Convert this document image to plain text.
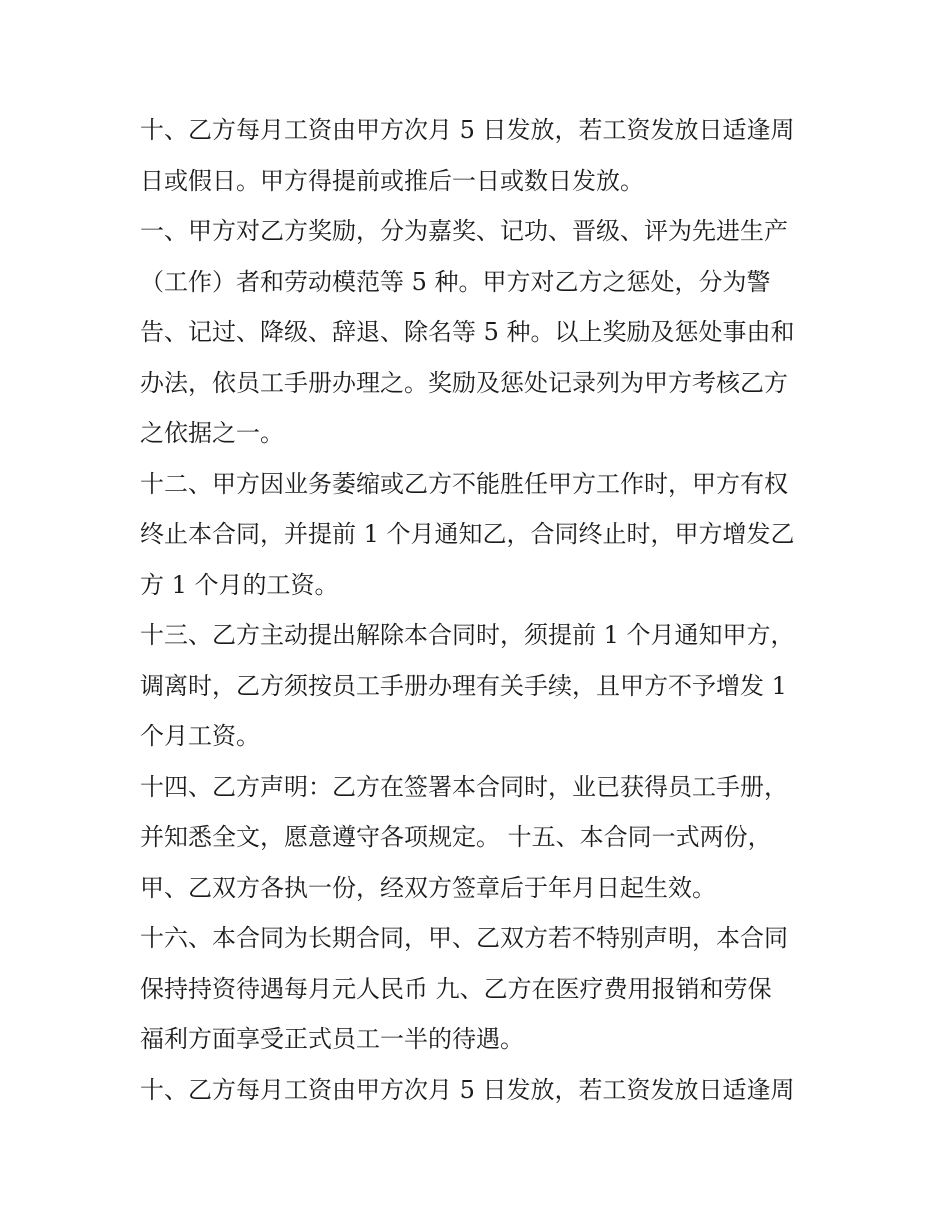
十、乙方每月工资由甲方次月 5 日发放，若工资发放日适逢周
日或假日。甲方得提前或推后一日或数日发放。
一、甲方对乙方奖励，分为嘉奖、记功、晋级、评为先进生产
（工作）者和劳动模范等 5 种。甲方对乙方之惩处，分为警
告、记过、降级、辞退、除名等 5 种。以上奖励及惩处事由和
办法，依员工手册办理之。奖励及惩处记录列为甲方考核乙方
之依据之一。
十二、甲方因业务萎缩或乙方不能胜任甲方工作时，甲方有权
终止本合同，并提前 1 个月通知乙，合同终止时，甲方增发乙
方 1 个月的工资。
十三、乙方主动提出解除本合同时，须提前 1 个月通知甲方，
调离时，乙方须按员工手册办理有关手续，且甲方不予增发 1
个月工资。
十四、乙方声明：乙方在签署本合同时，业已获得员工手册，
并知悉全文，愿意遵守各项规定。 十五、本合同一式两份，
甲、乙双方各执一份，经双方签章后于年月日起生效。
十六、本合同为长期合同，甲、乙双方若不特别声明，本合同
保持持资待遇每月元人民币 九、乙方在医疗费用报销和劳保
福利方面享受正式员工一半的待遇。
十、乙方每月工资由甲方次月 5 日发放，若工资发放日适逢周
